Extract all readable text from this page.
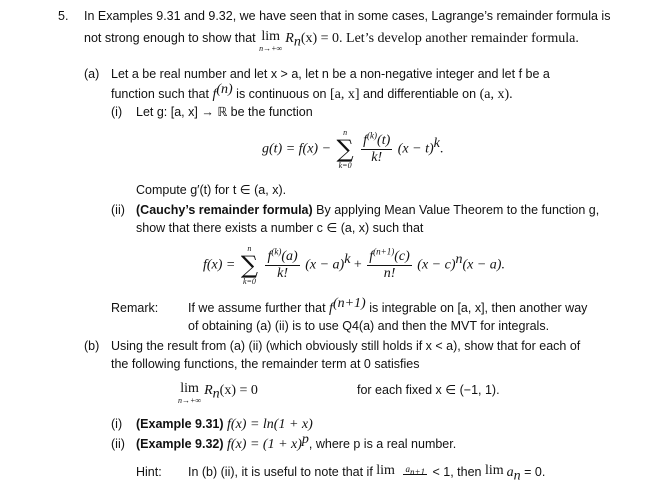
5. In Examples 9.31 and 9.32, we have seen that in some cases, Lagrange’s remainder formula is
not strong enough to show that lim
n→+∞
$R_n(x) = 0$. Let’s develop another remainder formula.
(a) Let a be real number and let x > a, let n be a non-negative integer and let f be a
function such that $f^{(n)}$ is continuous on [a, x] and differentiable on (a, x).
(i) Let g: [a, x] → ℝ be the function
g(t) = f(x) −
n
∑
k=0
$\frac{f^{(k)}(t)}{k!} (x - t)^k$.
Compute g′(t) for t ∈ (a, x).
(ii) (Cauchy’s remainder formula) By applying Mean Value Theorem to the function g,
show that there exists a number c ∈ (a, x) such that
f(x) =
n
∑
k=0
$\frac{f^{(k)}(a)}{k!} (x - a)^k + \frac{f^{(n+1)}(c)}{n!} (x - c)^n(x - a)$.
Remark: If we assume further that $f^{(n+1)}$ is integrable on [a, x], then another way
of obtaining (a) (ii) is to use Q4(a) and then the MVT for integrals.
(b) Using the result from (a) (ii) (which obviously still holds if x < a), show that for each of
the following functions, the remainder term at 0 satisfies
lim
n→+∞
$R_n(x) = 0$	for each fixed x ∈ (−1, 1).
(i) (Example 9.31) f(x) = ln(1 + x)
(ii) (Example 9.32) $f(x) = (1 + x)^p$, where p is a real number.
Hint: In (b) (ii), it is useful to note that if lim
$a_{n+1} < 1$, then $\lim a_n = 0$.
